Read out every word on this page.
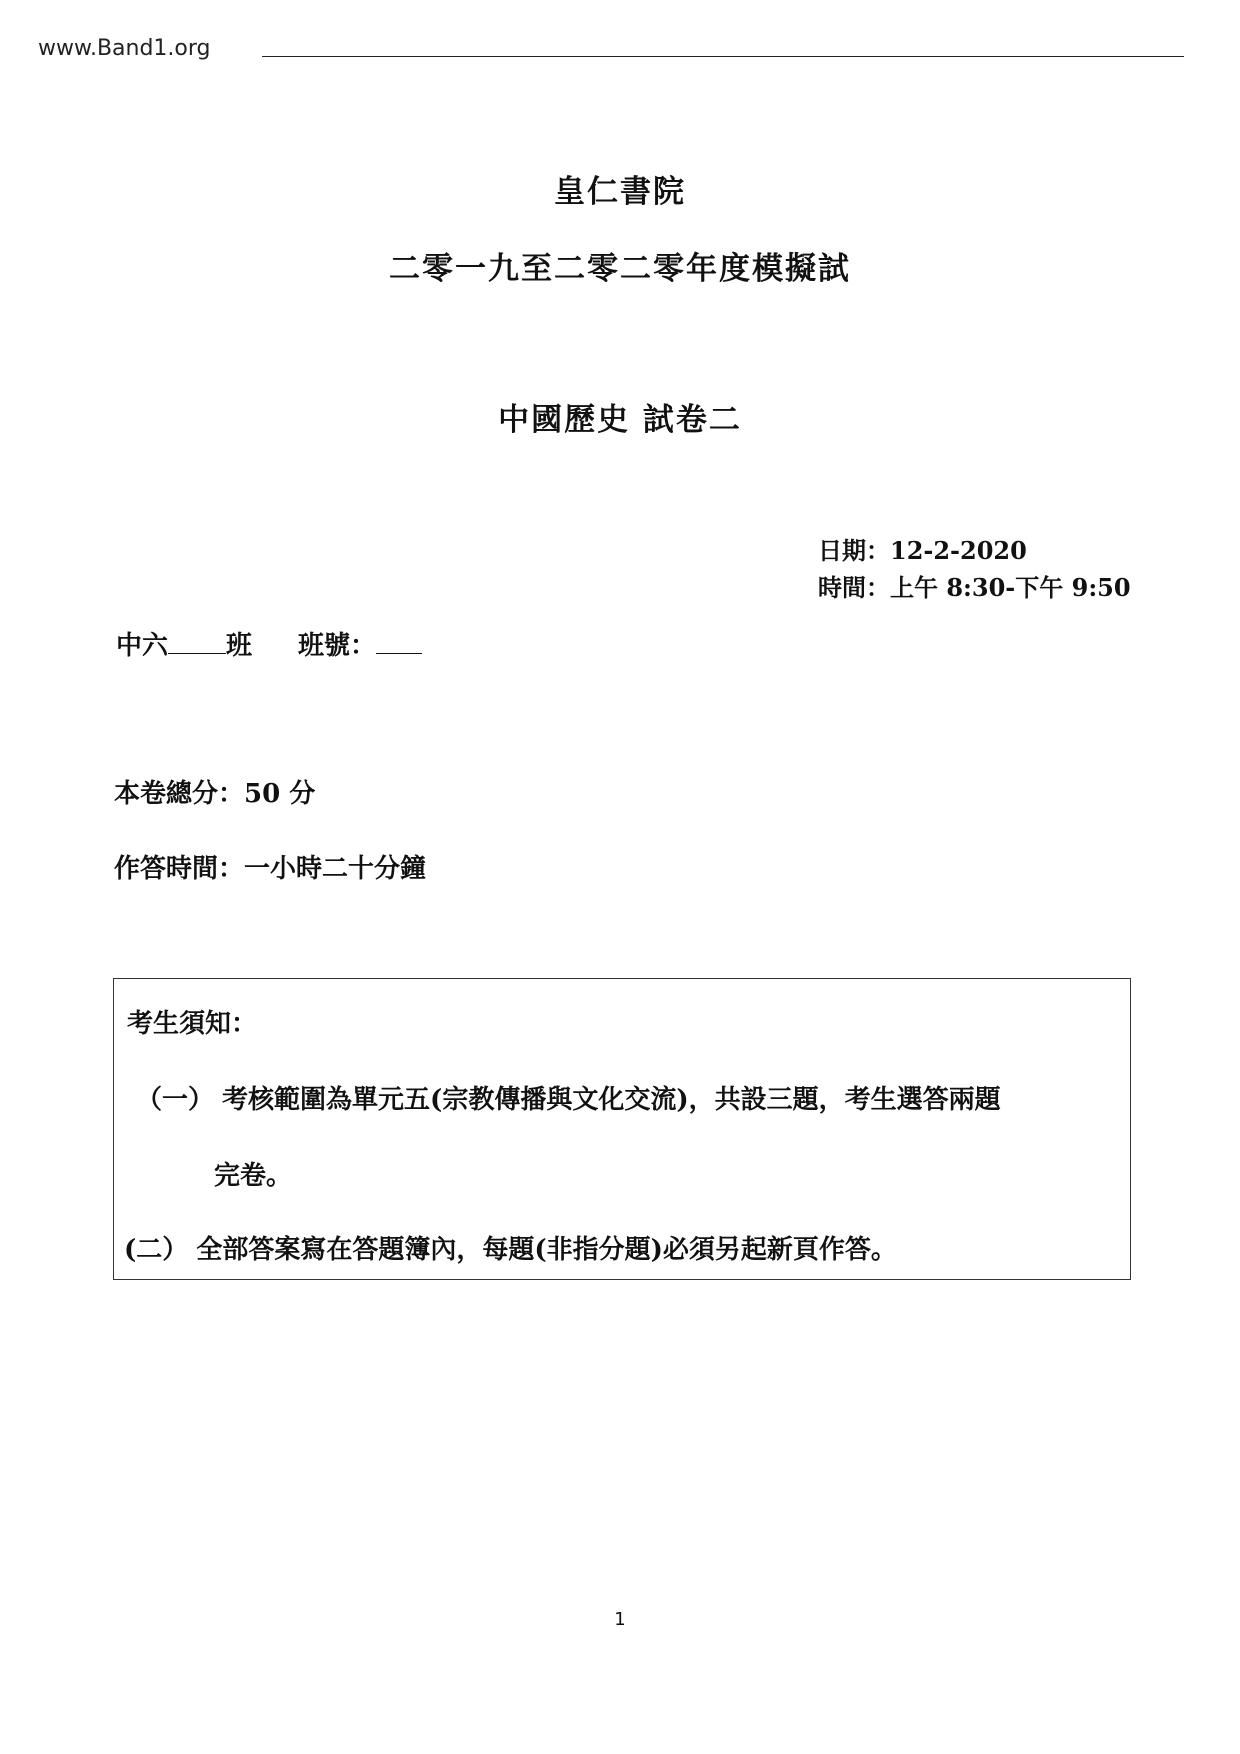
www.Band1.org
皇仁書院
二零一九至二零二零年度模擬試
中國歷史 試卷二
日期：12-2-2020
時間：上午 8:30-下午 9:50
中六 班 班號：
本卷總分：50 分
作答時間：一小時二十分鐘
考生須知：
（一） 考核範圍為單元五(宗教傳播與文化交流)，共設三題，考生選答兩題
完卷。
(二） 全部答案寫在答題簿內，每題(非指分題)必須另起新頁作答。
1
